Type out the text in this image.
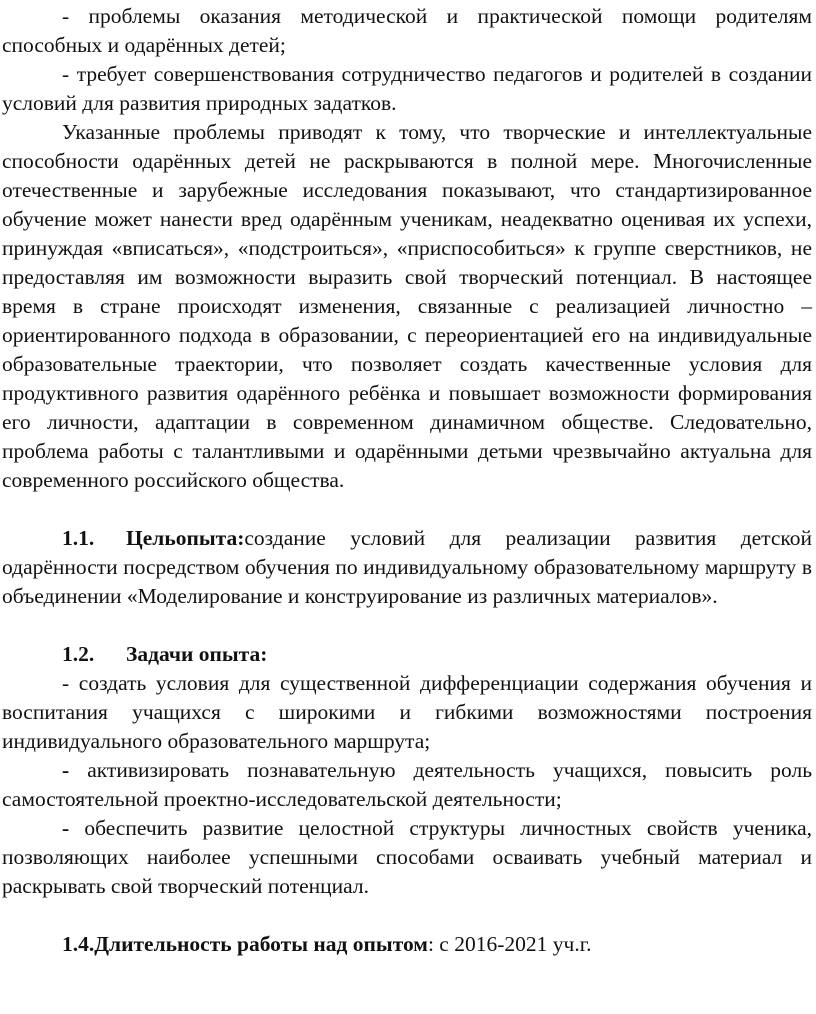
- проблемы оказания методической и практической помощи родителям способных и одарённых детей;

- требует совершенствования сотрудничество педагогов и родителей в создании условий для развития природных задатков.

Указанные проблемы приводят к тому, что творческие и интеллектуальные способности одарённых детей не раскрываются в полной мере. Многочисленные отечественные и зарубежные исследования показывают, что стандартизированное обучение может нанести вред одарённым ученикам, неадекватно оценивая их успехи, принуждая «вписаться», «подстроиться», «приспособиться» к группе сверстников, не предоставляя им возможности выразить свой творческий потенциал. В настоящее время в стране происходят изменения, связанные с реализацией личностно – ориентированного подхода в образовании, с переориентацией его на индивидуальные образовательные траектории, что позволяет создать качественные условия для продуктивного развития одарённого ребёнка и повышает возможности формирования его личности, адаптации в современном динамичном обществе. Следовательно, проблема работы с талантливыми и одарёнными детьми чрезвычайно актуальна для современного российского общества.

1.1. Цельопыта:создание условий для реализации развития детской одарённости посредством обучения по индивидуальному образовательному маршруту в объединении «Моделирование и конструирование из различных материалов».

1.2. Задачи опыта:

- создать условия для существенной дифференциации содержания обучения и воспитания учащихся с широкими и гибкими возможностями построения индивидуального образовательного маршрута;

- активизировать познавательную деятельность учащихся, повысить роль самостоятельной проектно-исследовательской деятельности;

- обеспечить развитие целостной структуры личностных свойств ученика, позволяющих наиболее успешными способами осваивать учебный материал и раскрывать свой творческий потенциал.

1.4.Длительность работы над опытом: с 2016-2021 уч.г.
